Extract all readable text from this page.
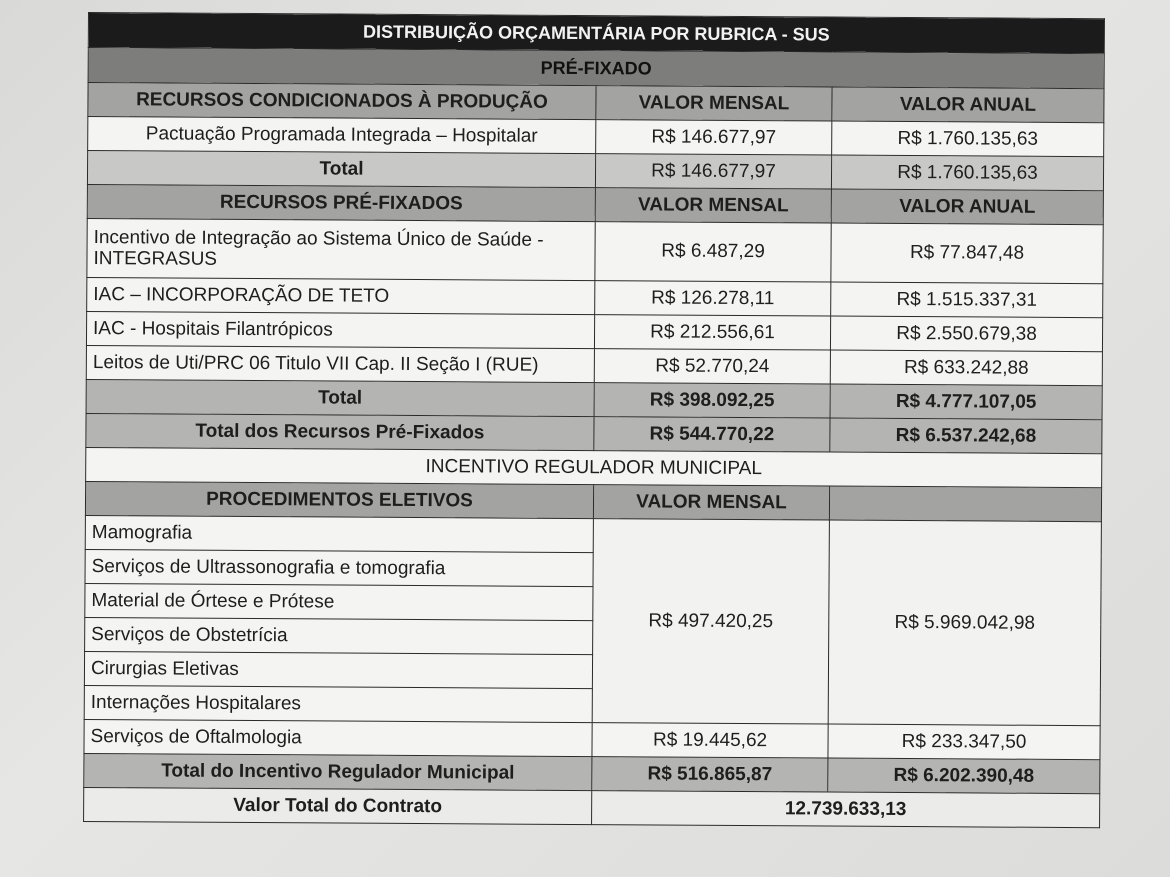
DISTRIBUIÇÃO ORÇAMENTÁRIA POR RUBRICA - SUS		
PRÉ-FIXADO		
RECURSOS CONDICIONADOS À PRODUÇÃO	VALOR MENSAL	VALOR ANUAL
Pactuação Programada Integrada – Hospitalar	R$ 146.677,97	R$ 1.760.135,63
Total	R$ 146.677,97	R$ 1.760.135,63
RECURSOS PRÉ-FIXADOS	VALOR MENSAL	VALOR ANUAL
Incentivo de Integração ao Sistema Único de Saúde - INTEGRASUS	R$ 6.487,29	R$ 77.847,48
IAC – INCORPORAÇÃO DE TETO	R$ 126.278,11	R$ 1.515.337,31
IAC - Hospitais Filantrópicos	R$ 212.556,61	R$ 2.550.679,38
Leitos de Uti/PRC 06 Titulo VII Cap. II Seção I (RUE)	R$ 52.770,24	R$ 633.242,88
Total	R$ 398.092,25	R$ 4.777.107,05
Total dos Recursos Pré-Fixados	R$ 544.770,22	R$ 6.537.242,68
INCENTIVO REGULADOR MUNICIPAL		
PROCEDIMENTOS ELETIVOS	VALOR MENSAL	
Mamografia	R$ 497.420,25	R$ 5.969.042,98
Serviços de Ultrassonografia e tomografia		
Material de Órtese e Prótese		
Serviços de Obstetrícia		
Cirurgias Eletivas		
Internações Hospitalares		
Serviços de Oftalmologia	R$ 19.445,62	R$ 233.347,50
Total do Incentivo Regulador Municipal	R$ 516.865,87	R$ 6.202.390,48
Valor Total do Contrato	12.739.633,13	
